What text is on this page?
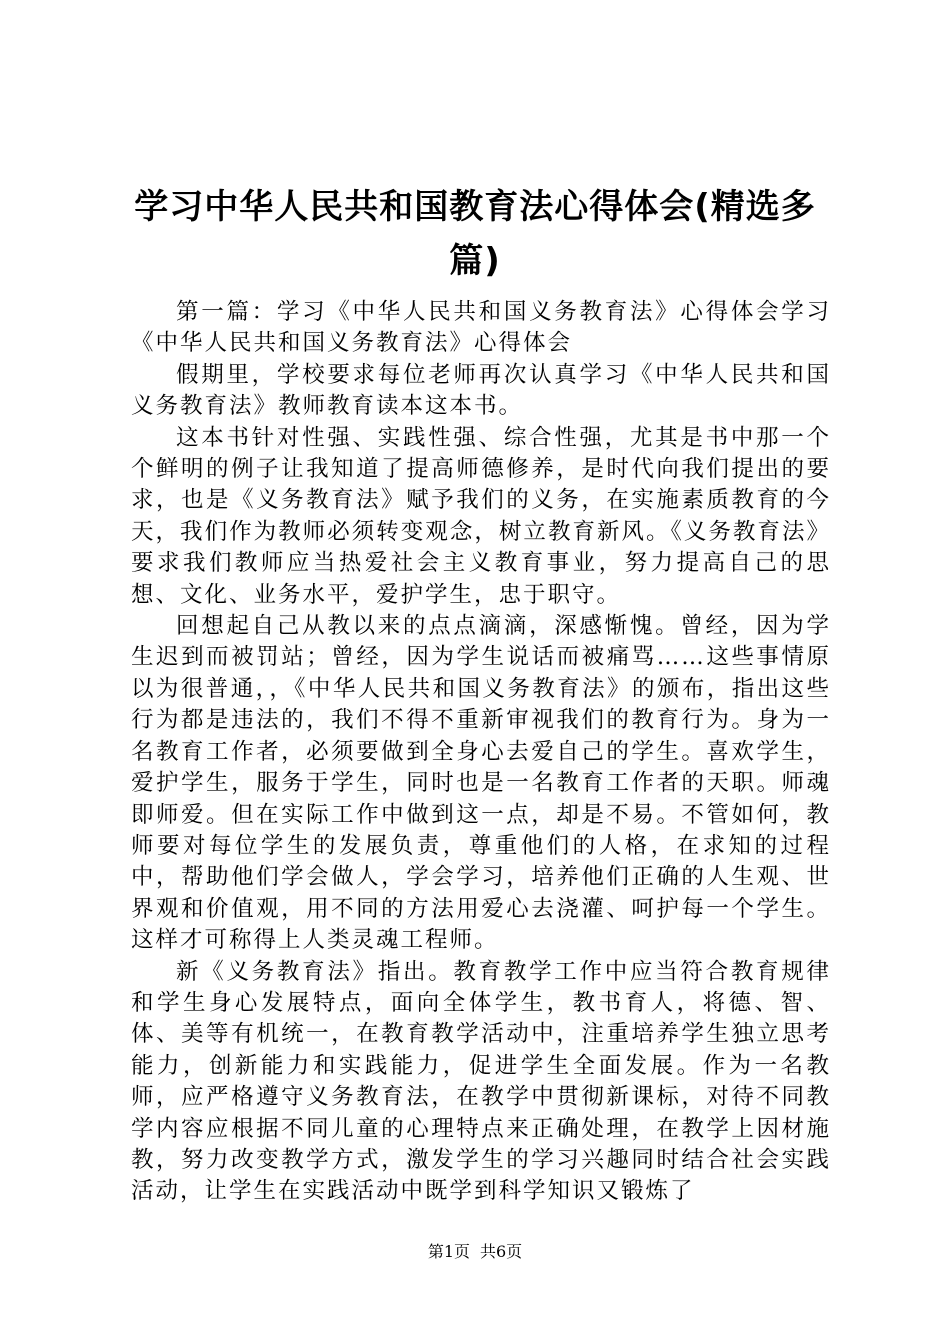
学习中华人民共和国教育法心得体会(精选多篇)

第一篇：学习《中华人民共和国义务教育法》心得体会学习《中华人民共和国义务教育法》心得体会

假期里，学校要求每位老师再次认真学习《中华人民共和国义务教育法》教师教育读本这本书。

这本书针对性强、实践性强、综合性强，尤其是书中那一个个鲜明的例子让我知道了提高师德修养，是时代向我们提出的要求，也是《义务教育法》赋予我们的义务，在实施素质教育的今天，我们作为教师必须转变观念，树立教育新风。《义务教育法》要求我们教师应当热爱社会主义教育事业，努力提高自己的思想、文化、业务水平，爱护学生，忠于职守。

回想起自己从教以来的点点滴滴，深感惭愧。曾经，因为学生迟到而被罚站；曾经，因为学生说话而被痛骂……这些事情原以为很普通，，《中华人民共和国义务教育法》的颁布，指出这些行为都是违法的，我们不得不重新审视我们的教育行为。身为一名教育工作者，必须要做到全身心去爱自己的学生。喜欢学生，爱护学生，服务于学生，同时也是一名教育工作者的天职。师魂即师爱。但在实际工作中做到这一点，却是不易。不管如何，教师要对每位学生的发展负责，尊重他们的人格，在求知的过程中，帮助他们学会做人，学会学习，培养他们正确的人生观、世界观和价值观，用不同的方法用爱心去浇灌、呵护每一个学生。这样才可称得上人类灵魂工程师。

新《义务教育法》指出。教育教学工作中应当符合教育规律和学生身心发展特点，面向全体学生，教书育人，将德、智、体、美等有机统一，在教育教学活动中，注重培养学生独立思考能力，创新能力和实践能力，促进学生全面发展。作为一名教师，应严格遵守义务教育法，在教学中贯彻新课标，对待不同教学内容应根据不同儿童的心理特点来正确处理，在教学上因材施教，努力改变教学方式，激发学生的学习兴趣同时结合社会实践活动，让学生在实践活动中既学到科学知识又锻炼了

第1页 共6页
